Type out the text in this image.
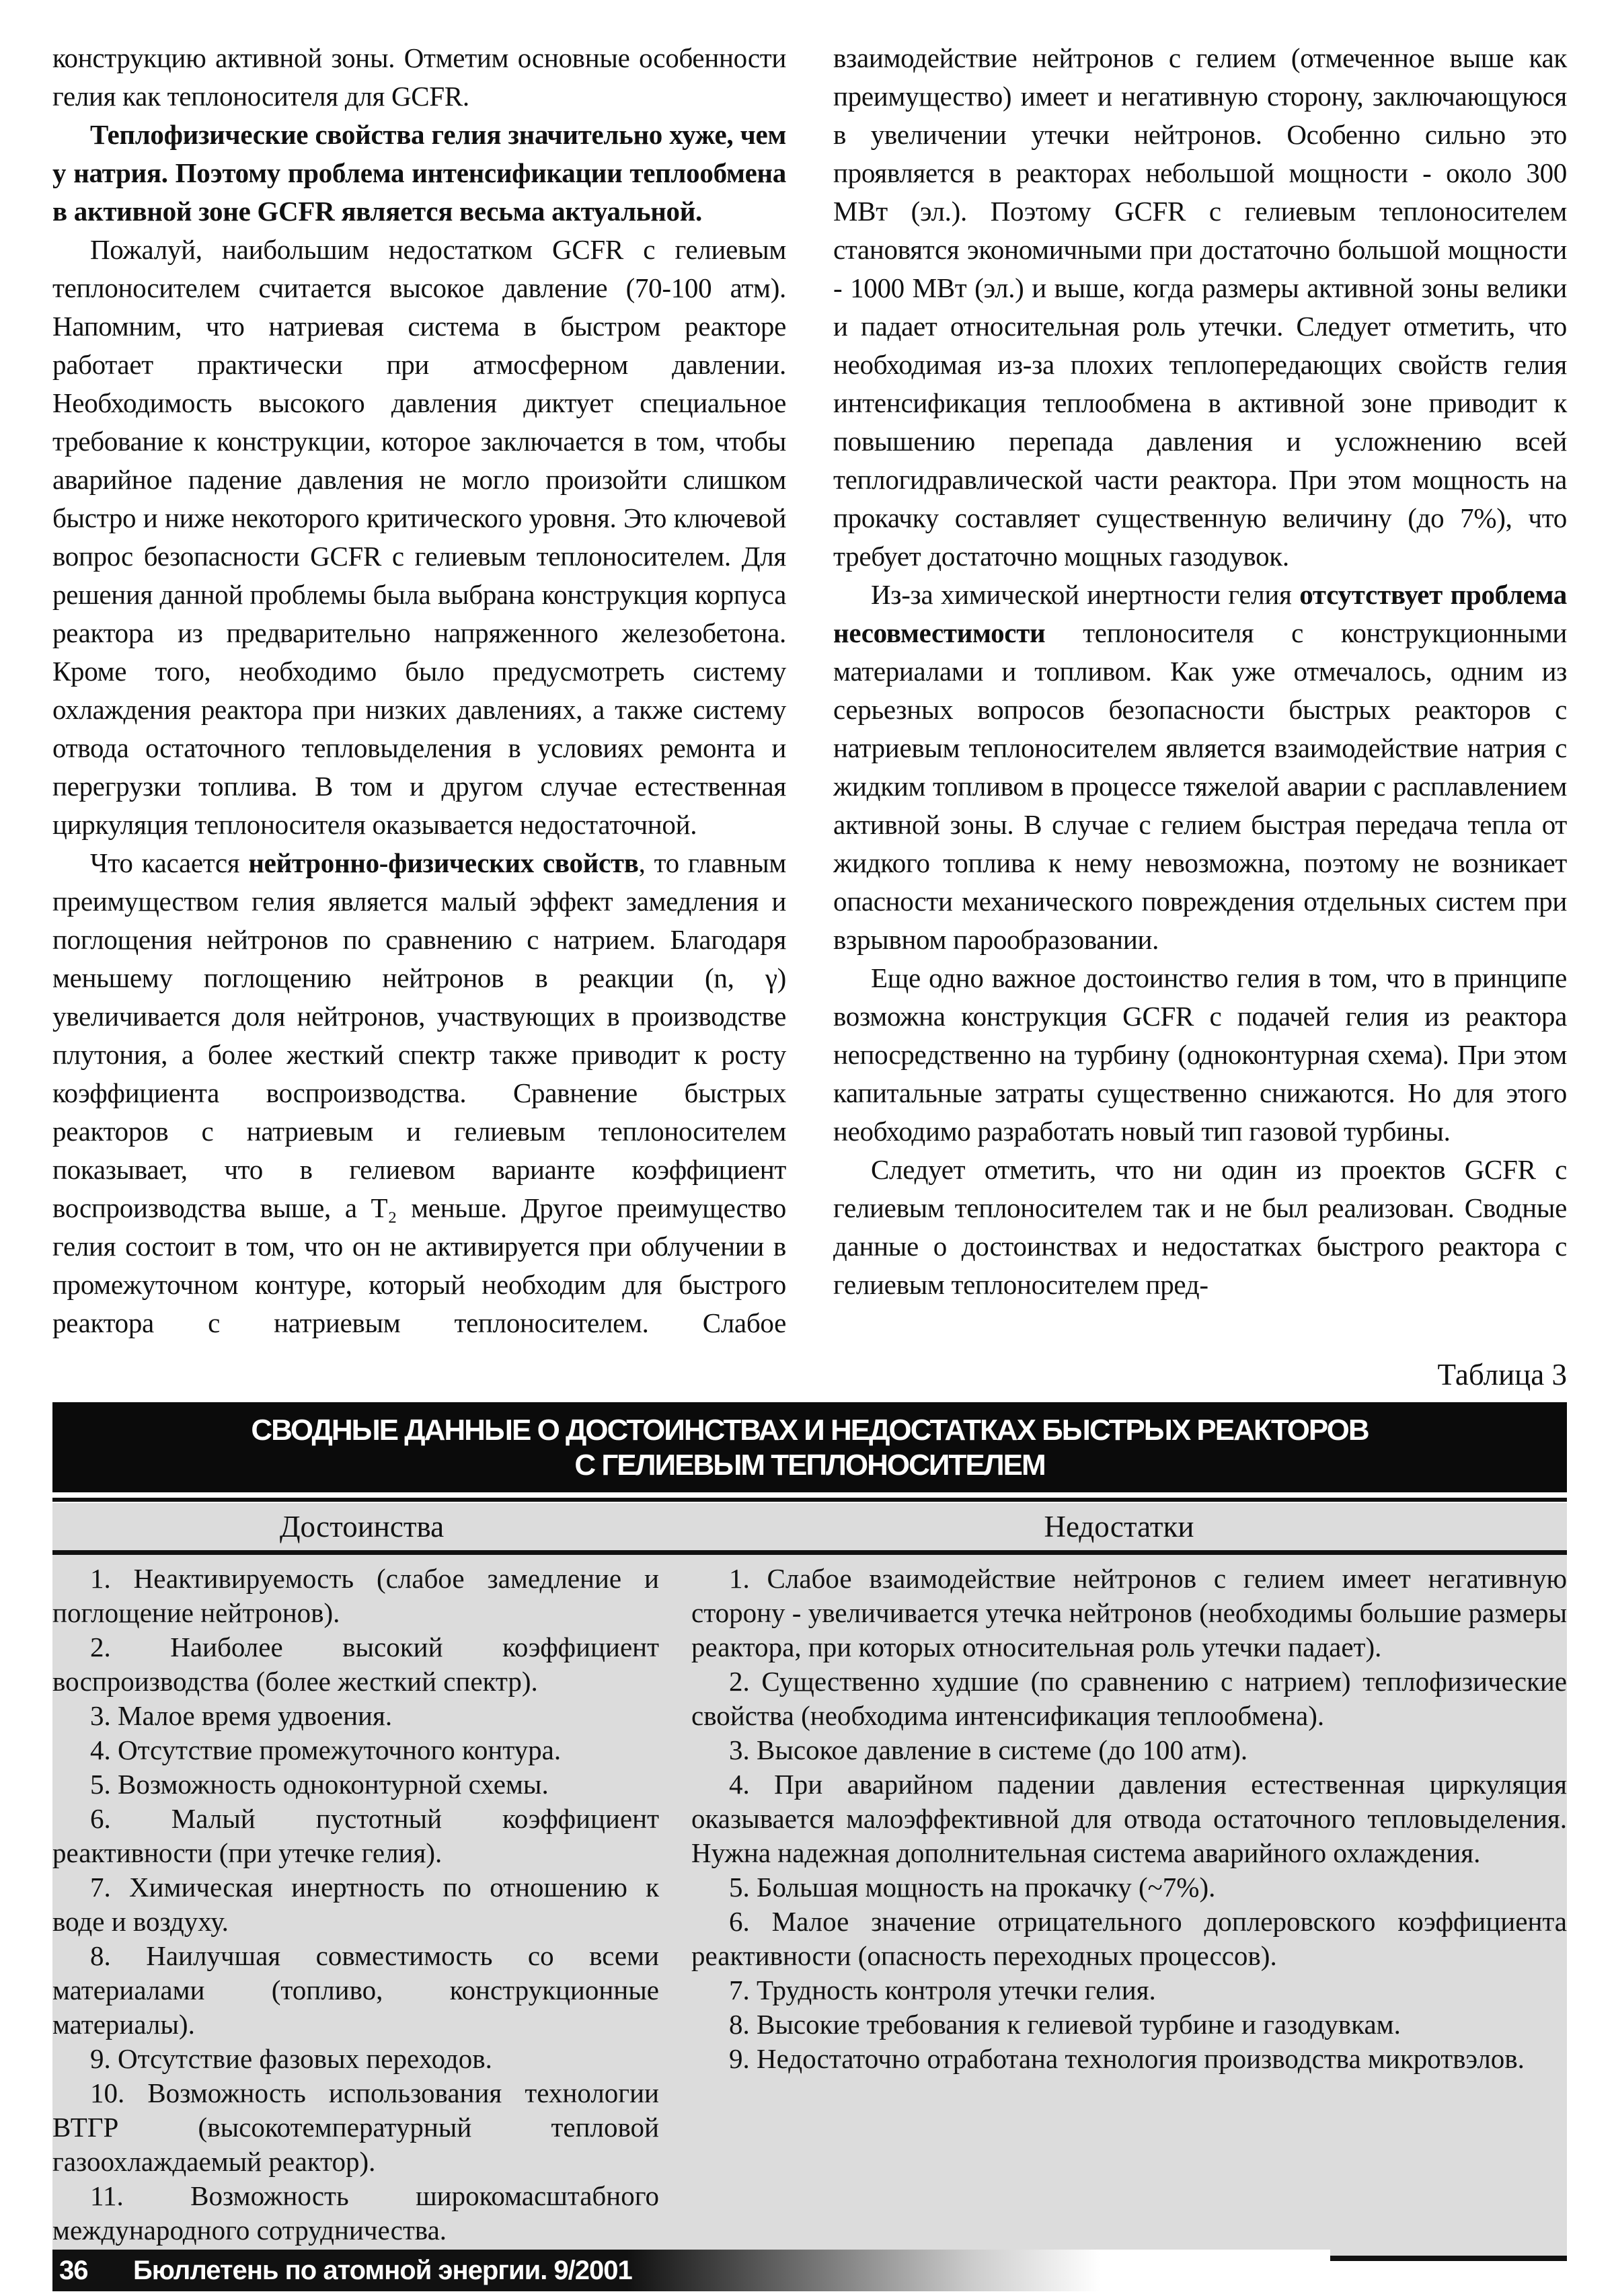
конструкцию активной зоны. Отметим основные особенности гелия как теплоносителя для GCFR.

Теплофизические свойства гелия значительно хуже, чем у натрия. Поэтому проблема интенсификации теплообмена в активной зоне GCFR является весьма актуальной.

Пожалуй, наибольшим недостатком GCFR с гелиевым теплоносителем считается высокое давление (70-100 атм). Напомним, что натриевая система в быстром реакторе работает практически при атмосферном давлении. Необходимость высокого давления диктует специальное требование к конструкции, которое заключается в том, чтобы аварийное падение давления не могло произойти слишком быстро и ниже некоторого критического уровня. Это ключевой вопрос безопасности GCFR с гелиевым теплоносителем. Для решения данной проблемы была выбрана конструкция корпуса реактора из предварительно напряженного железобетона. Кроме того, необходимо было предусмотреть систему охлаждения реактора при низких давлениях, а также систему отвода остаточного тепловыделения в условиях ремонта и перегрузки топлива. В том и другом случае естественная циркуляция теплоносителя оказывается недостаточной.

Что касается нейтронно-физических свойств, то главным преимуществом гелия является малый эффект замедления и поглощения нейтронов по сравнению с натрием. Благодаря меньшему поглощению нейтронов в реакции (n, γ) увеличивается доля нейтронов, участвующих в производстве плутония, а более жесткий спектр также приводит к росту коэффициента воспроизводства. Сравнение быстрых реакторов с натриевым и гелиевым теплоносителем показывает, что в гелиевом варианте коэффициент воспроизводства выше, а T₂ меньше. Другое преимущество гелия состоит в том, что он не активируется при облучении в промежуточном контуре, который необходим для быстрого реактора с натриевым теплоносителем. Слабое взаимодействие нейтронов с гелием (отмеченное выше как преимущество) имеет и негативную сторону, заключающуюся в увеличении утечки нейтронов. Особенно сильно это проявляется в реакторах небольшой мощности - около 300 МВт (эл.). Поэтому GCFR с гелиевым теплоносителем становятся экономичными при достаточно большой мощности - 1000 МВт (эл.) и выше, когда размеры активной зоны велики и падает относительная роль утечки. Следует отметить, что необходимая из-за плохих теплопередающих свойств гелия интенсификация теплообмена в активной зоне приводит к повышению перепада давления и усложнению всей теплогидравлической части реактора. При этом мощность на прокачку составляет существенную величину (до 7%), что требует достаточно мощных газодувок.

Из-за химической инертности гелия отсутствует проблема несовместимости теплоносителя с конструкционными материалами и топливом. Как уже отмечалось, одним из серьезных вопросов безопасности быстрых реакторов с натриевым теплоносителем является взаимодействие натрия с жидким топливом в процессе тяжелой аварии с расплавлением активной зоны. В случае с гелием быстрая передача тепла от жидкого топлива к нему невозможна, поэтому не возникает опасности механического повреждения отдельных систем при взрывном парообразовании.

Еще одно важное достоинство гелия в том, что в принципе возможна конструкция GCFR с подачей гелия из реактора непосредственно на турбину (одноконтурная схема). При этом капитальные затраты существенно снижаются. Но для этого необходимо разработать новый тип газовой турбины.

Следует отметить, что ни один из проектов GCFR с гелиевым теплоносителем так и не был реализован. Сводные данные о достоинствах и недостатках быстрого реактора с гелиевым теплоносителем пред-

Таблица 3
СВОДНЫЕ ДАННЫЕ О ДОСТОИНСТВАХ И НЕДОСТАТКАХ БЫСТРЫХ РЕАКТОРОВ
С ГЕЛИЕВЫМ ТЕПЛОНОСИТЕЛЕМ
Достоинства	Недостатки

1. Неактивируемость (слабое замедление и поглощение нейтронов).

2. Наиболее высокий коэффициент воспроизводства (более жесткий спектр).

3. Малое время удвоения.

4. Отсутствие промежуточного контура.

5. Возможность одноконтурной схемы.

6. Малый пустотный коэффициент реактивности (при утечке гелия).

7. Химическая инертность по отношению к воде и воздуху.

8. Наилучшая совместимость со всеми материалами (топливо, конструкционные материалы).

9. Отсутствие фазовых переходов.

10. Возможность использования технологии ВТГР (высокотемпературный тепловой газоохлаждаемый реактор).

11. Возможность широкомасштабного международного сотрудничества.

1. Слабое взаимодействие нейтронов с гелием имеет негативную сторону - увеличивается утечка нейтронов (необходимы большие размеры реактора, при которых относительная роль утечки падает).

2. Существенно худшие (по сравнению с натрием) теплофизические свойства (необходима интенсификация теплообмена).

3. Высокое давление в системе (до 100 атм).

4. При аварийном падении давления естественная циркуляция оказывается малоэффективной для отвода остаточного тепловыделения. Нужна надежная дополнительная система аварийного охлаждения.

5. Большая мощность на прокачку (~7%).

6. Малое значение отрицательного доплеровского коэффициента реактивности (опасность переходных процессов).

7. Трудность контроля утечки гелия.

8. Высокие требования к гелиевой турбине и газодувкам.

9. Недостаточно отработана технология производства микротвэлов.

36 Бюллетень по атомной энергии. 9/2001
